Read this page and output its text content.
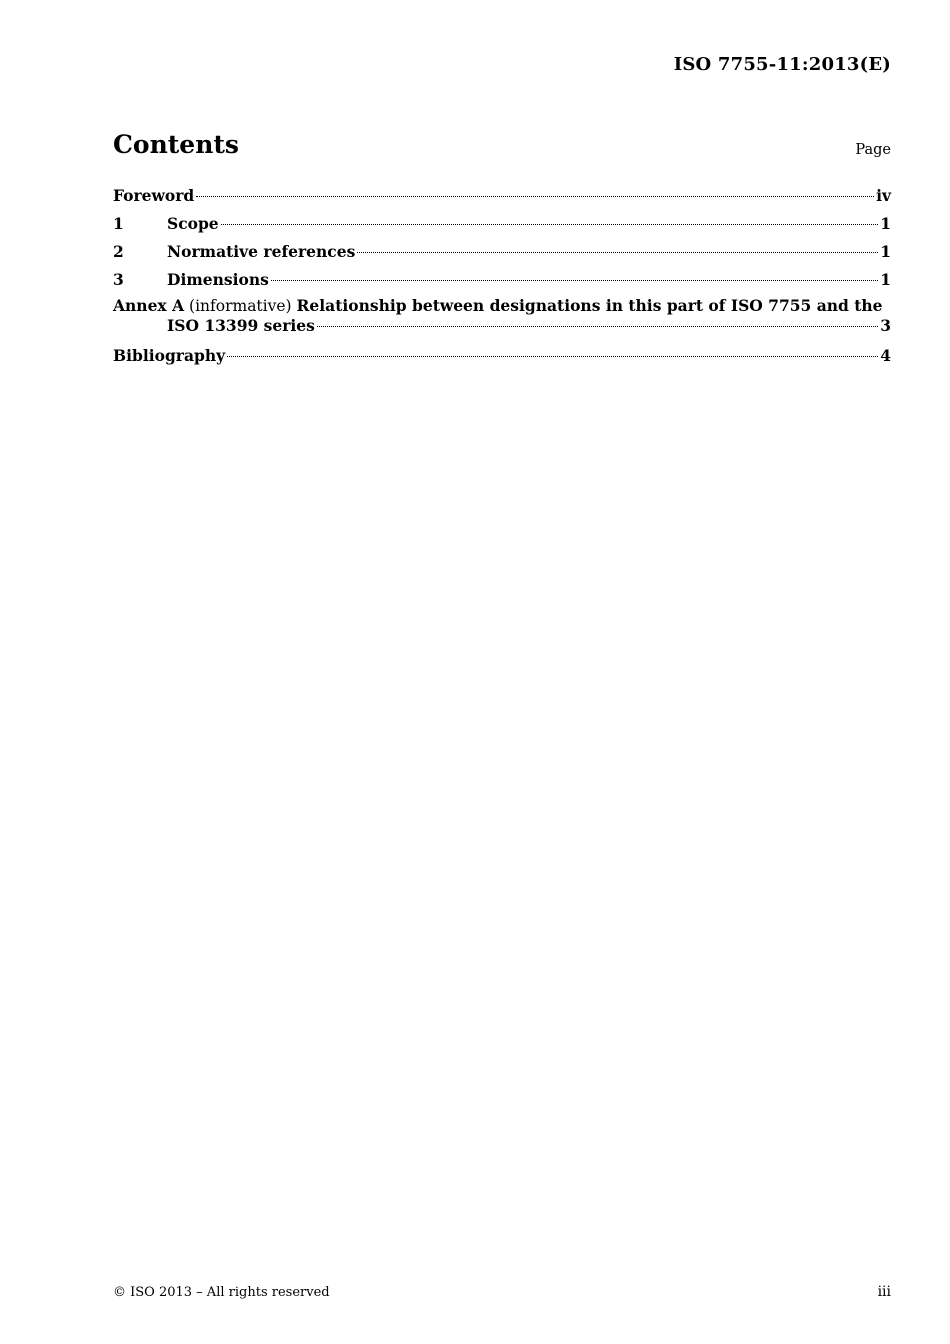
ISO 7755-11:2013(E)
Contents	Page
Foreword	iv
1	Scope	1
2	Normative references	1
3	Dimensions	1
Annex A (informative) Relationship between designations in this part of ISO 7755 and the
ISO 13399 series	3
Bibliography	4
© ISO 2013 – All rights reserved	iii
